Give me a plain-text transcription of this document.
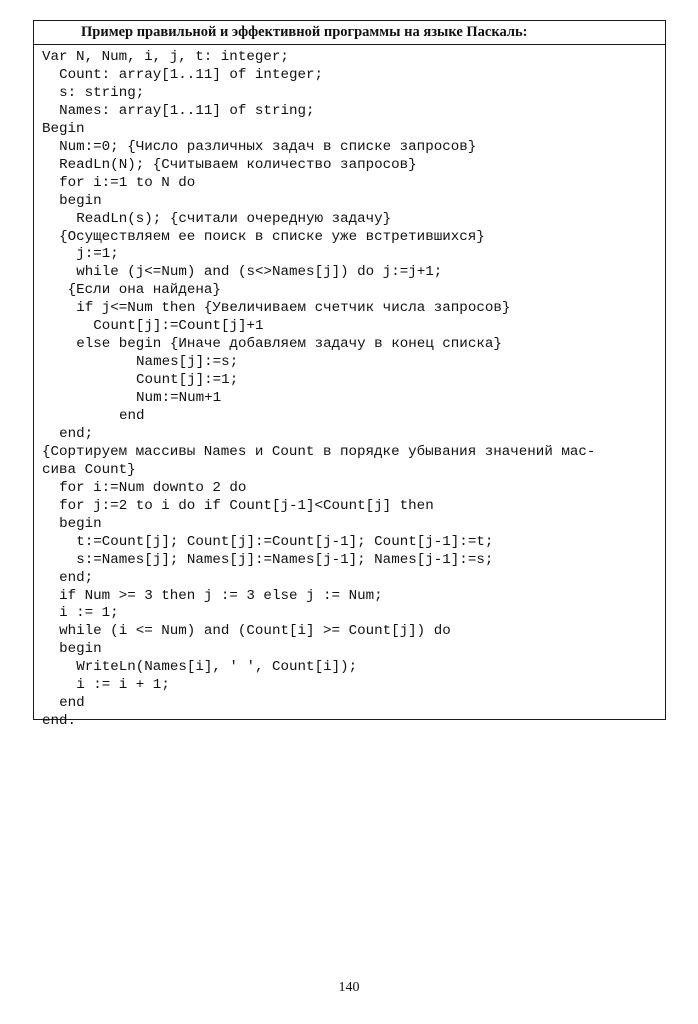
Пример правильной и эффективной программы на языке Паскаль:
Var N, Num, i, j, t: integer;
Count: array[1..11] of integer;
s: string;
Names: array[1..11] of string;
Begin
Num:=0; {Число различных задач в списке запросов}
ReadLn(N); {Считываем количество запросов}
for i:=1 to N do
begin
ReadLn(s); {считали очередную задачу}
{Осуществляем ее поиск в списке уже встретившихся}
j:=1;
while (j<=Num) and (s<>Names[j]) do j:=j+1;
{Если она найдена}
if j<=Num then {Увеличиваем счетчик числа запросов}
Count[j]:=Count[j]+1
else begin {Иначе добавляем задачу в конец списка}
Names[j]:=s;
Count[j]:=1;
Num:=Num+1
end
end;
{Сортируем массивы Names и Count в порядке убывания значений мас-
сива Count}
for i:=Num downto 2 do
for j:=2 to i do if Count[j-1]<Count[j] then
begin
t:=Count[j]; Count[j]:=Count[j-1]; Count[j-1]:=t;
s:=Names[j]; Names[j]:=Names[j-1]; Names[j-1]:=s;
end;
if Num >= 3 then j := 3 else j := Num;
i := 1;
while (i <= Num) and (Count[i] >= Count[j]) do
begin
WriteLn(Names[i], ' ', Count[i]);
i := i + 1;
end
end.
140
